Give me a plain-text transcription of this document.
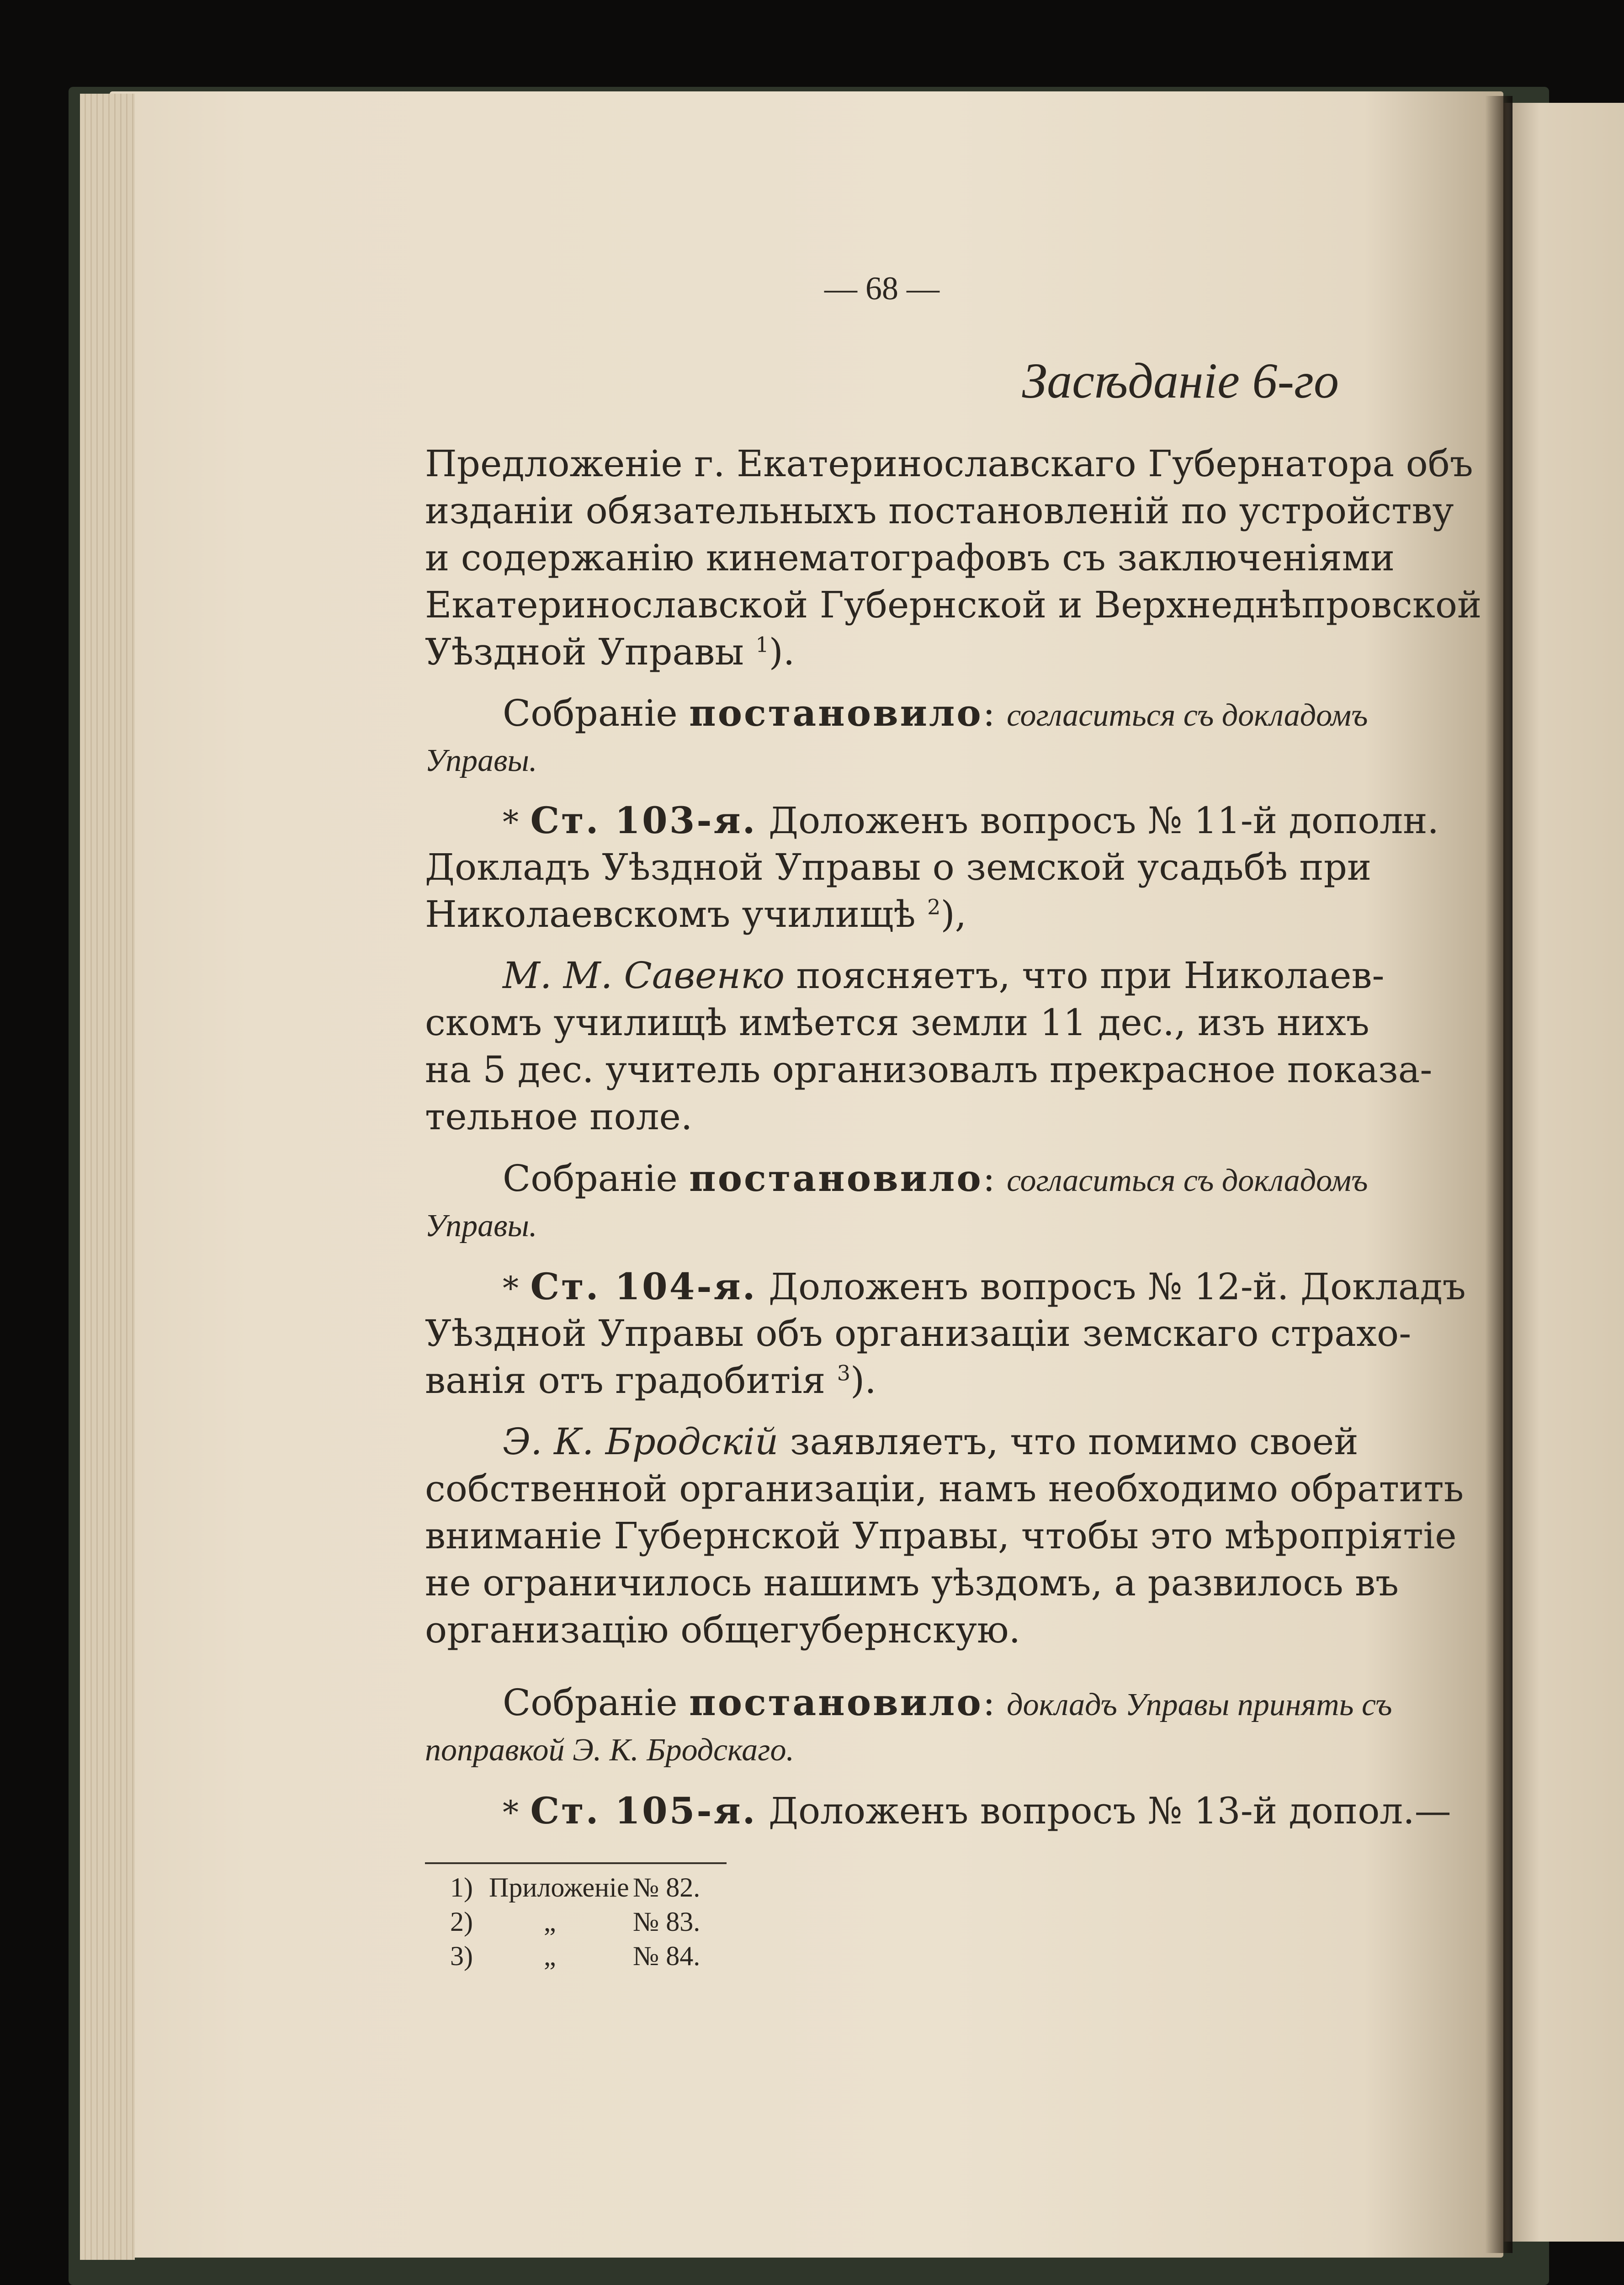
— 68 —
Засѣданіе 6-го
Предложеніе г. Екатеринославскаго Губернатора объ
изданіи обязательныхъ постановленій по устройству
и содержанію кинематографовъ съ заключеніями
Екатеринославской Губернской и Верхнеднѣпровской
Уѣздной Управы $^1$).
Собраніе постановило: согласиться съ докладомъ
Управы.
* Ст. 103-я. Доложенъ вопросъ № 11-й дополн.
Докладъ Уѣздной Управы о земской усадьбѣ при
Николаевскомъ училищѣ $^2$),
М. М. Савенко поясняетъ, что при Николаев-
скомъ училищѣ имѣется земли 11 дес., изъ нихъ
на 5 дес. учитель организовалъ прекрасное показа-
тельное поле.
Собраніе постановило: согласиться съ докладомъ
Управы.
* Ст. 104-я. Доложенъ вопросъ № 12-й. Докладъ
Уѣздной Управы объ организаціи земскаго страхо-
ванія отъ градобитія $^3$).
Э. К. Бродскій заявляетъ, что помимо своей
собственной организаціи, намъ необходимо обратить
вниманіе Губернской Управы, чтобы это мѣропріятіе
не ограничилось нашимъ уѣздомъ, а развилось въ
организацію общегубернскую.
Собраніе постановило: докладъ Управы принять съ
поправкой Э. К. Бродскаго.
* Ст. 105-я. Доложенъ вопросъ № 13-й допол.—
1) Приложеніе № 82.
2)	„	№ 83.
3)	„	№ 84.
